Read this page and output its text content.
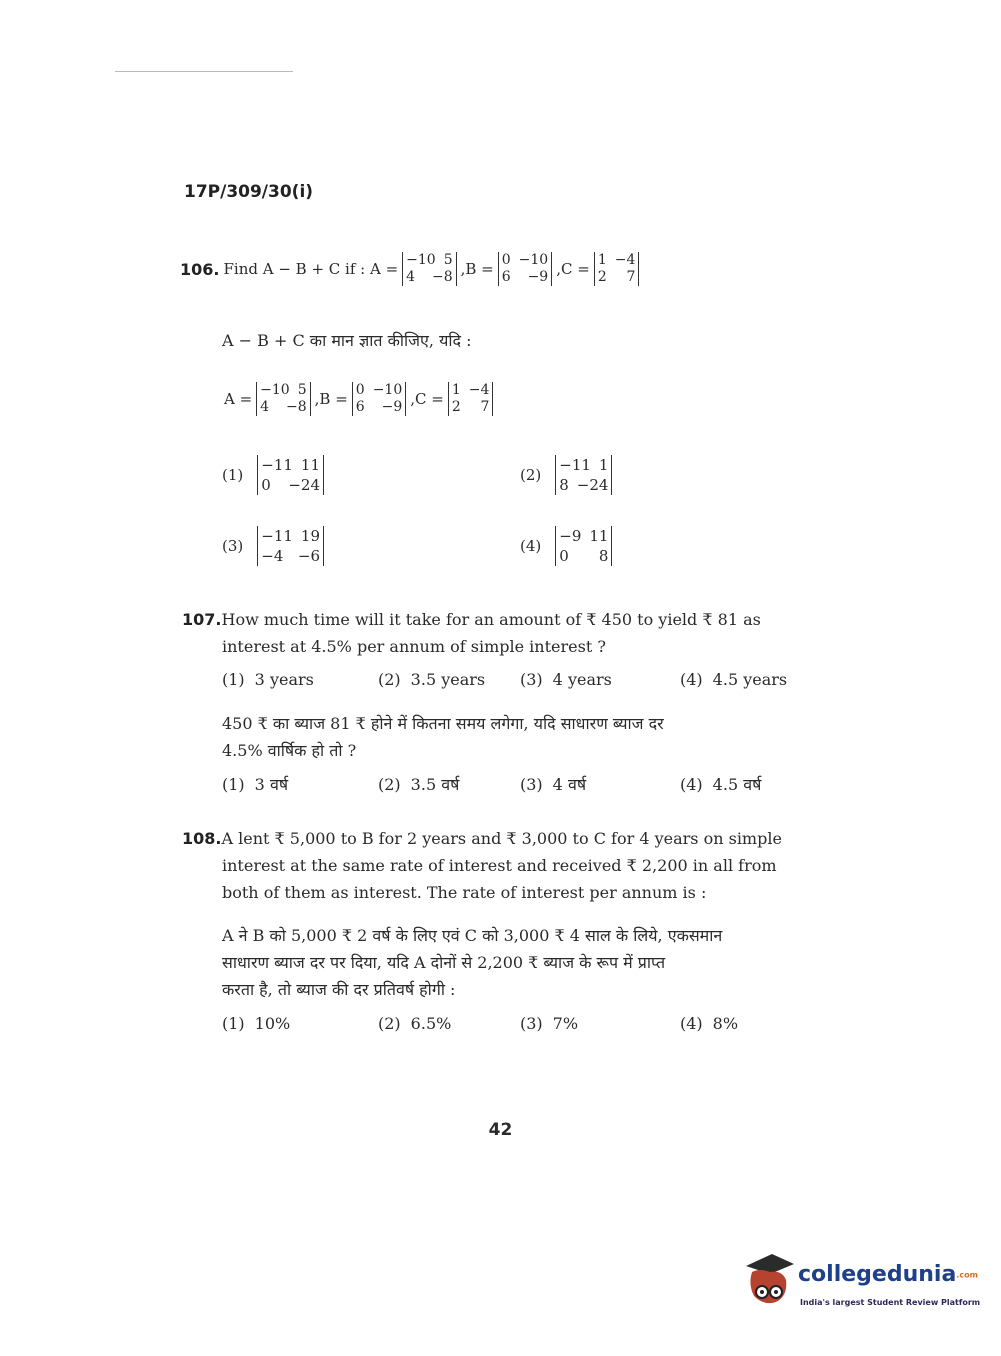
17P/309/30(i)
106. Find A − B + C if : A = −10 5
4 −8 ,B = 0 −10
6 −9 ,C = 1 −4
2 7
A − B + C का मान ज्ञात कीजिए, यदि :
A = −10 5
4 −8 ,B = 0 −10
6 −9 ,C = 1 −4
2 7
(1)
−11 11
0 −24
(2)
−11 1
8 −24
(3)
−11 19
−4 −6
(4)
−9 11
0 8
107.How much time will it take for an amount of ₹ 450 to yield ₹ 81 as
interest at 4.5% per annum of simple interest ?
(1) 3 years	(2) 3.5 years (3) 4 years	(4) 4.5 years
450 ₹ का ब्याज 81 ₹ होने में कितना समय लगेगा, यदि साधारण ब्याज दर
4.5% वार्षिक हो तो ?
(1) 3 वर्ष	(2) 3.5 वर्ष	(3) 4 वर्ष	(4) 4.5 वर्ष
108.A lent ₹ 5,000 to B for 2 years and ₹ 3,000 to C for 4 years on simple
interest at the same rate of interest and received ₹ 2,200 in all from
both of them as interest. The rate of interest per annum is :
A ने B को 5,000 ₹ 2 वर्ष के लिए एवं C को 3,000 ₹ 4 साल के लिये, एकसमान
साधारण ब्याज दर पर दिया, यदि A दोनों से 2,200 ₹ ब्याज के रूप में प्राप्त
करता है, तो ब्याज की दर प्रतिवर्ष होगी :
(1) 10%	(2) 6.5%	(3) 7%	(4) 8%
42
collegedunia.com
India's largest Student Review Platform
